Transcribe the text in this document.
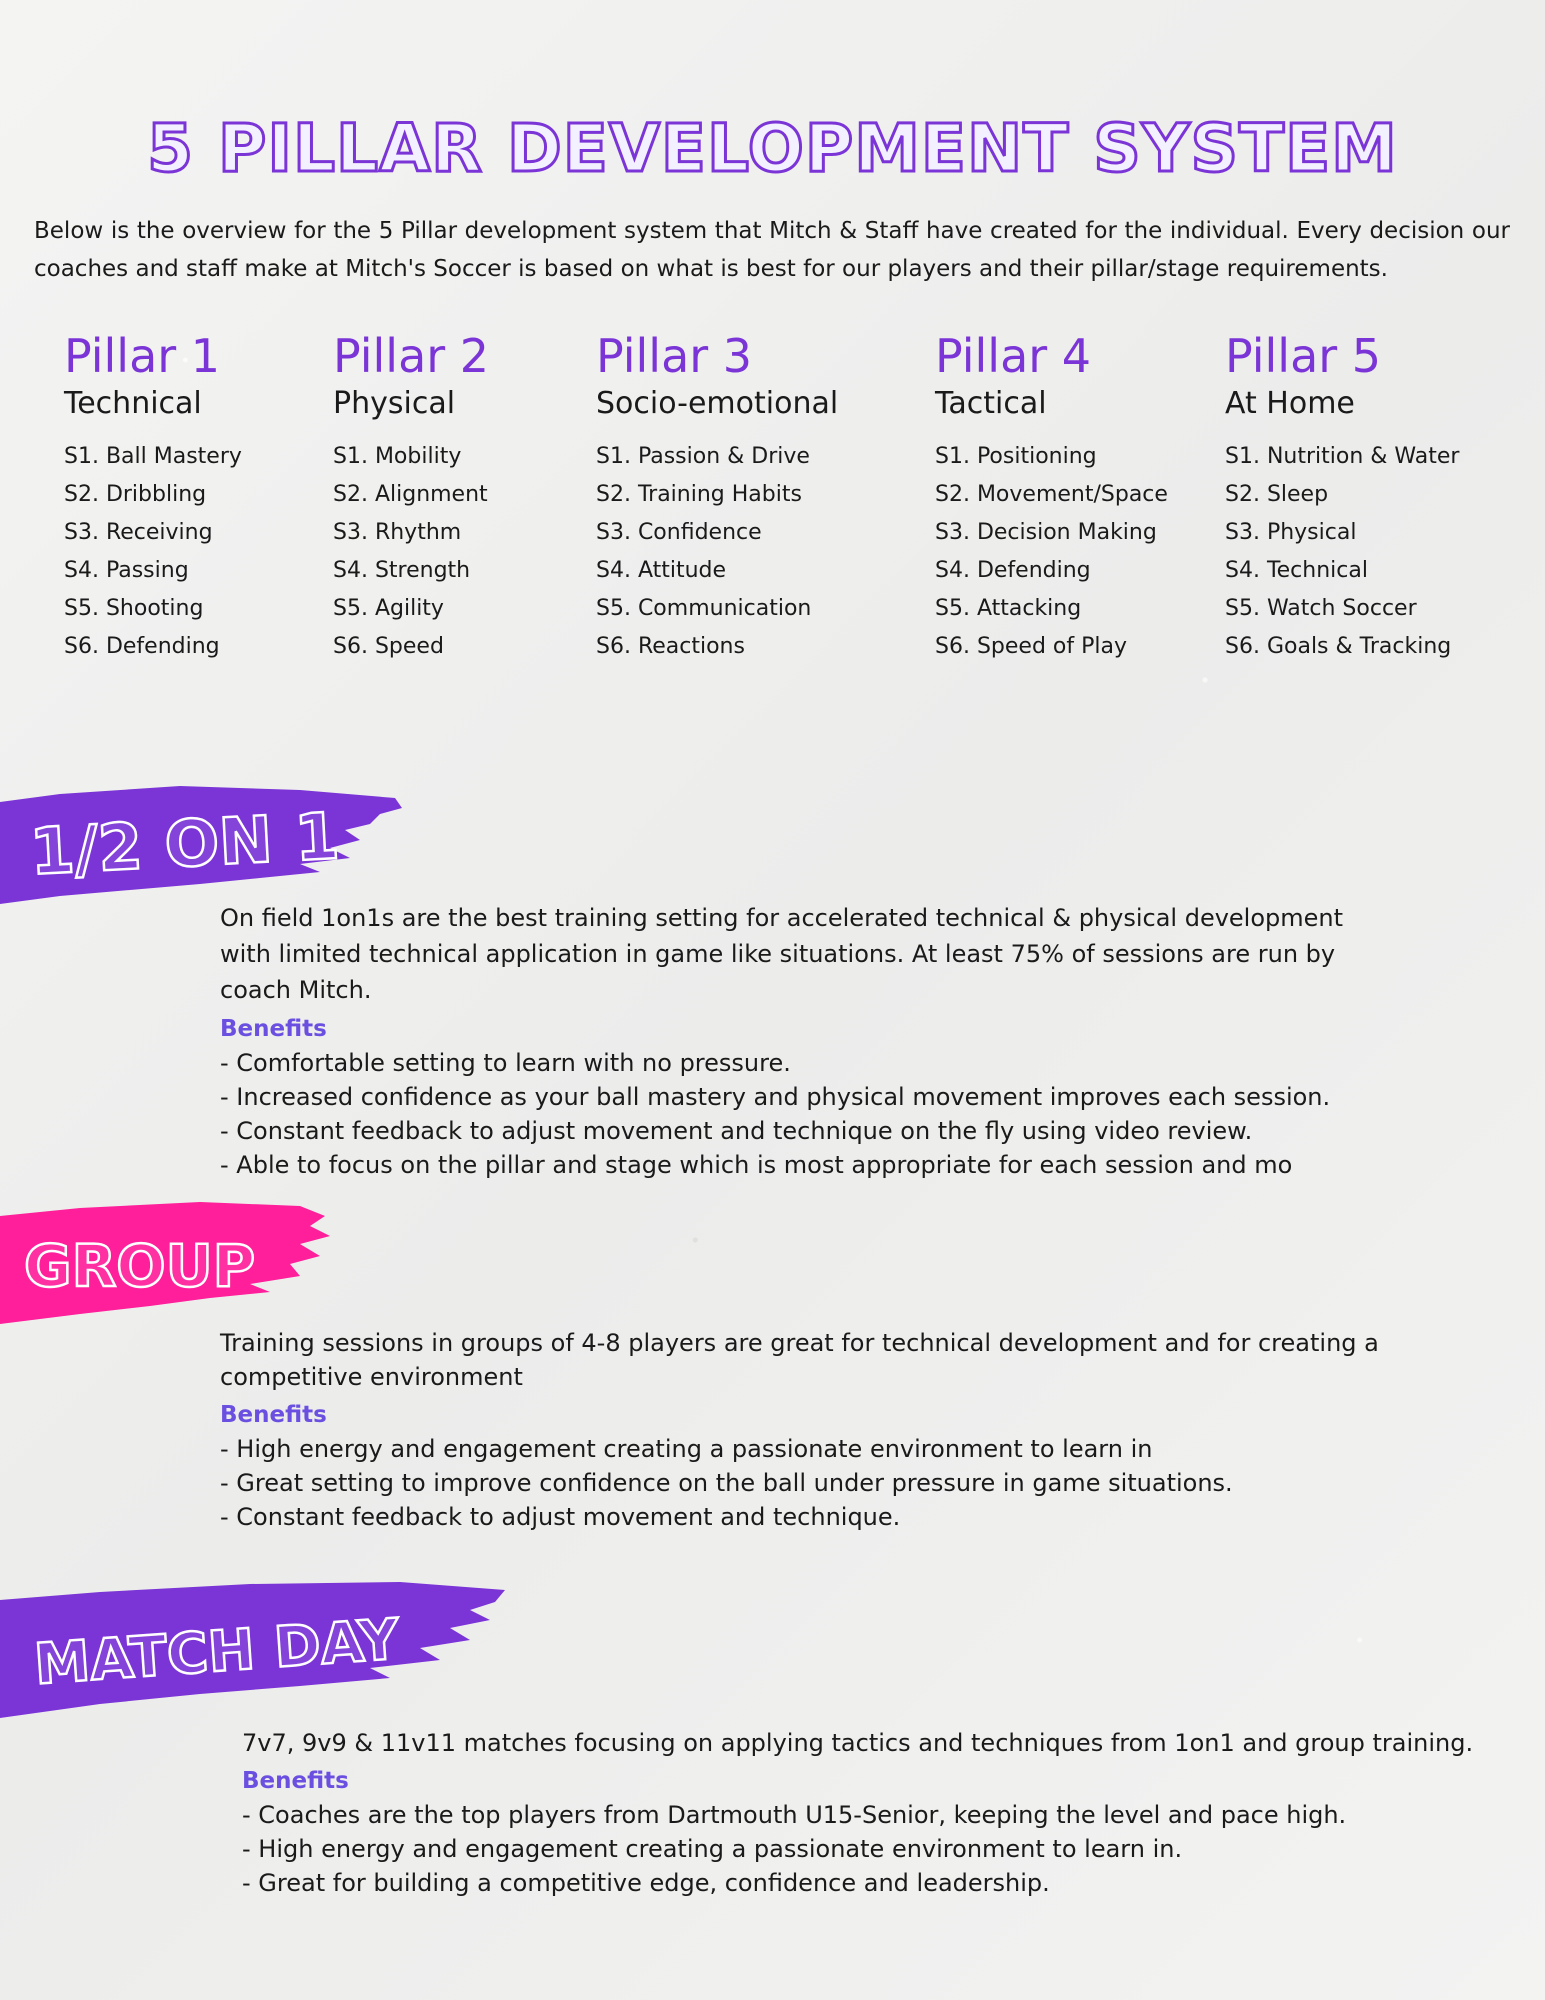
5 PILLAR DEVELOPMENT SYSTEM

Below is the overview for the 5 Pillar development system that Mitch & Staff have created for the individual. Every decision our coaches and staff make at Mitch's Soccer is based on what is best for our players and their pillar/stage requirements.

Pillar 1

Technical

S1. Ball Mastery
S2. Dribbling
S3. Receiving
S4. Passing
S5. Shooting
S6. Defending

Pillar 2

Physical

S1. Mobility
S2. Alignment
S3. Rhythm
S4. Strength
S5. Agility
S6. Speed

Pillar 3

Socio-emotional

S1. Passion & Drive
S2. Training Habits
S3. Confidence
S4. Attitude
S5. Communication
S6. Reactions

Pillar 4

Tactical

S1. Positioning
S2. Movement/Space
S3. Decision Making
S4. Defending
S5. Attacking
S6. Speed of Play

Pillar 5

At Home

S1. Nutrition & Water
S2. Sleep
S3. Physical
S4. Technical
S5. Watch Soccer
S6. Goals & Tracking
1/2 ON 1

On field 1on1s are the best training setting for accelerated technical & physical development with limited technical application in game like situations. At least 75% of sessions are run by coach Mitch.

Benefits

- Comfortable setting to learn with no pressure.
- Increased confidence as your ball mastery and physical movement improves each session.
- Constant feedback to adjust movement and technique on the fly using video review.
- Able to focus on the pillar and stage which is most appropriate for each session and mo
GROUP

Training sessions in groups of 4-8 players are great for technical development and for creating a competitive environment

Benefits

- High energy and engagement creating a passionate environment to learn in
- Great setting to improve confidence on the ball under pressure in game situations.
- Constant feedback to adjust movement and technique.
MATCH DAY

7v7, 9v9 & 11v11 matches focusing on applying tactics and techniques from 1on1 and group training.

Benefits

- Coaches are the top players from Dartmouth U15-Senior, keeping the level and pace high.
- High energy and engagement creating a passionate environment to learn in.
- Great for building a competitive edge, confidence and leadership.
